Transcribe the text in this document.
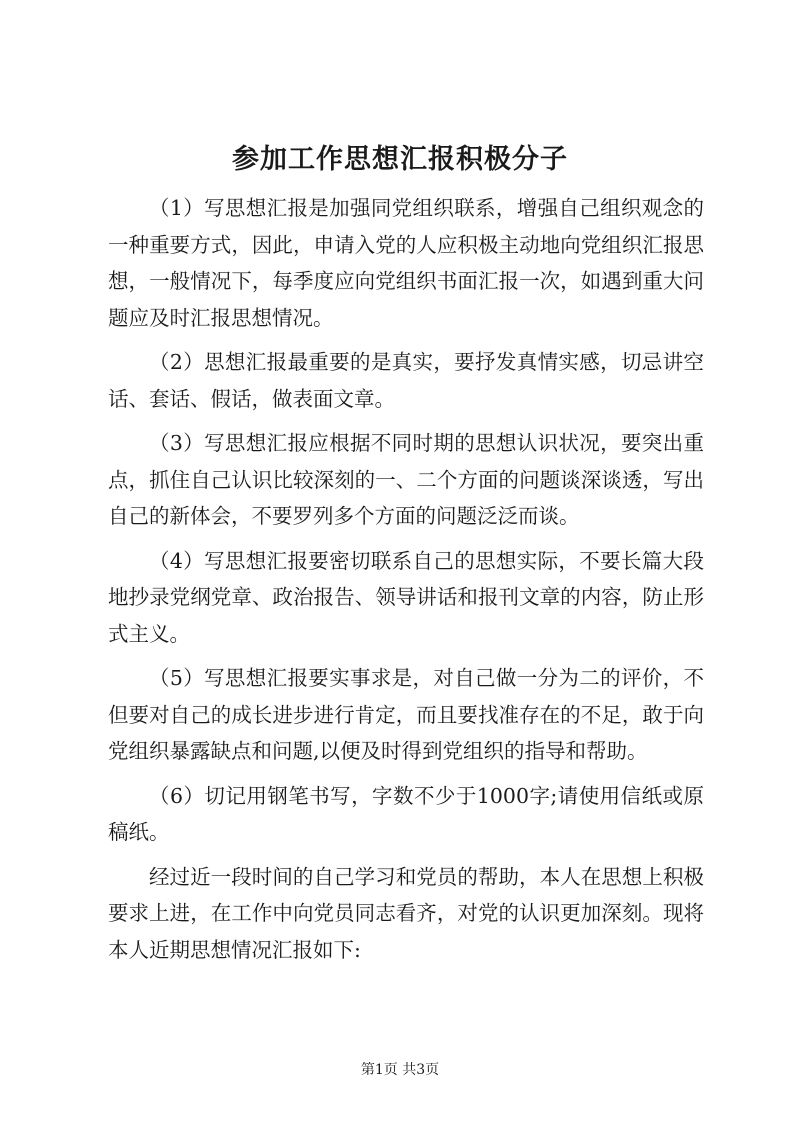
参加工作思想汇报积极分子

（1）写思想汇报是加强同党组织联系，增强自己组织观念的一种重要方式，因此，申请入党的人应积极主动地向党组织汇报思想，一般情况下，每季度应向党组织书面汇报一次，如遇到重大问题应及时汇报思想情况。

（2）思想汇报最重要的是真实，要抒发真情实感，切忌讲空话、套话、假话，做表面文章。

（3）写思想汇报应根据不同时期的思想认识状况，要突出重点，抓住自己认识比较深刻的一、二个方面的问题谈深谈透，写出自己的新体会，不要罗列多个方面的问题泛泛而谈。

（4）写思想汇报要密切联系自己的思想实际，不要长篇大段地抄录党纲党章、政治报告、领导讲话和报刊文章的内容，防止形式主义。

（5）写思想汇报要实事求是，对自己做一分为二的评价，不但要对自己的成长进步进行肯定，而且要找准存在的不足，敢于向党组织暴露缺点和问题,以便及时得到党组织的指导和帮助。

（6）切记用钢笔书写，字数不少于1000字;请使用信纸或原稿纸。

经过近一段时间的自己学习和党员的帮助，本人在思想上积极要求上进，在工作中向党员同志看齐，对党的认识更加深刻。现将本人近期思想情况汇报如下:

第1页 共3页
